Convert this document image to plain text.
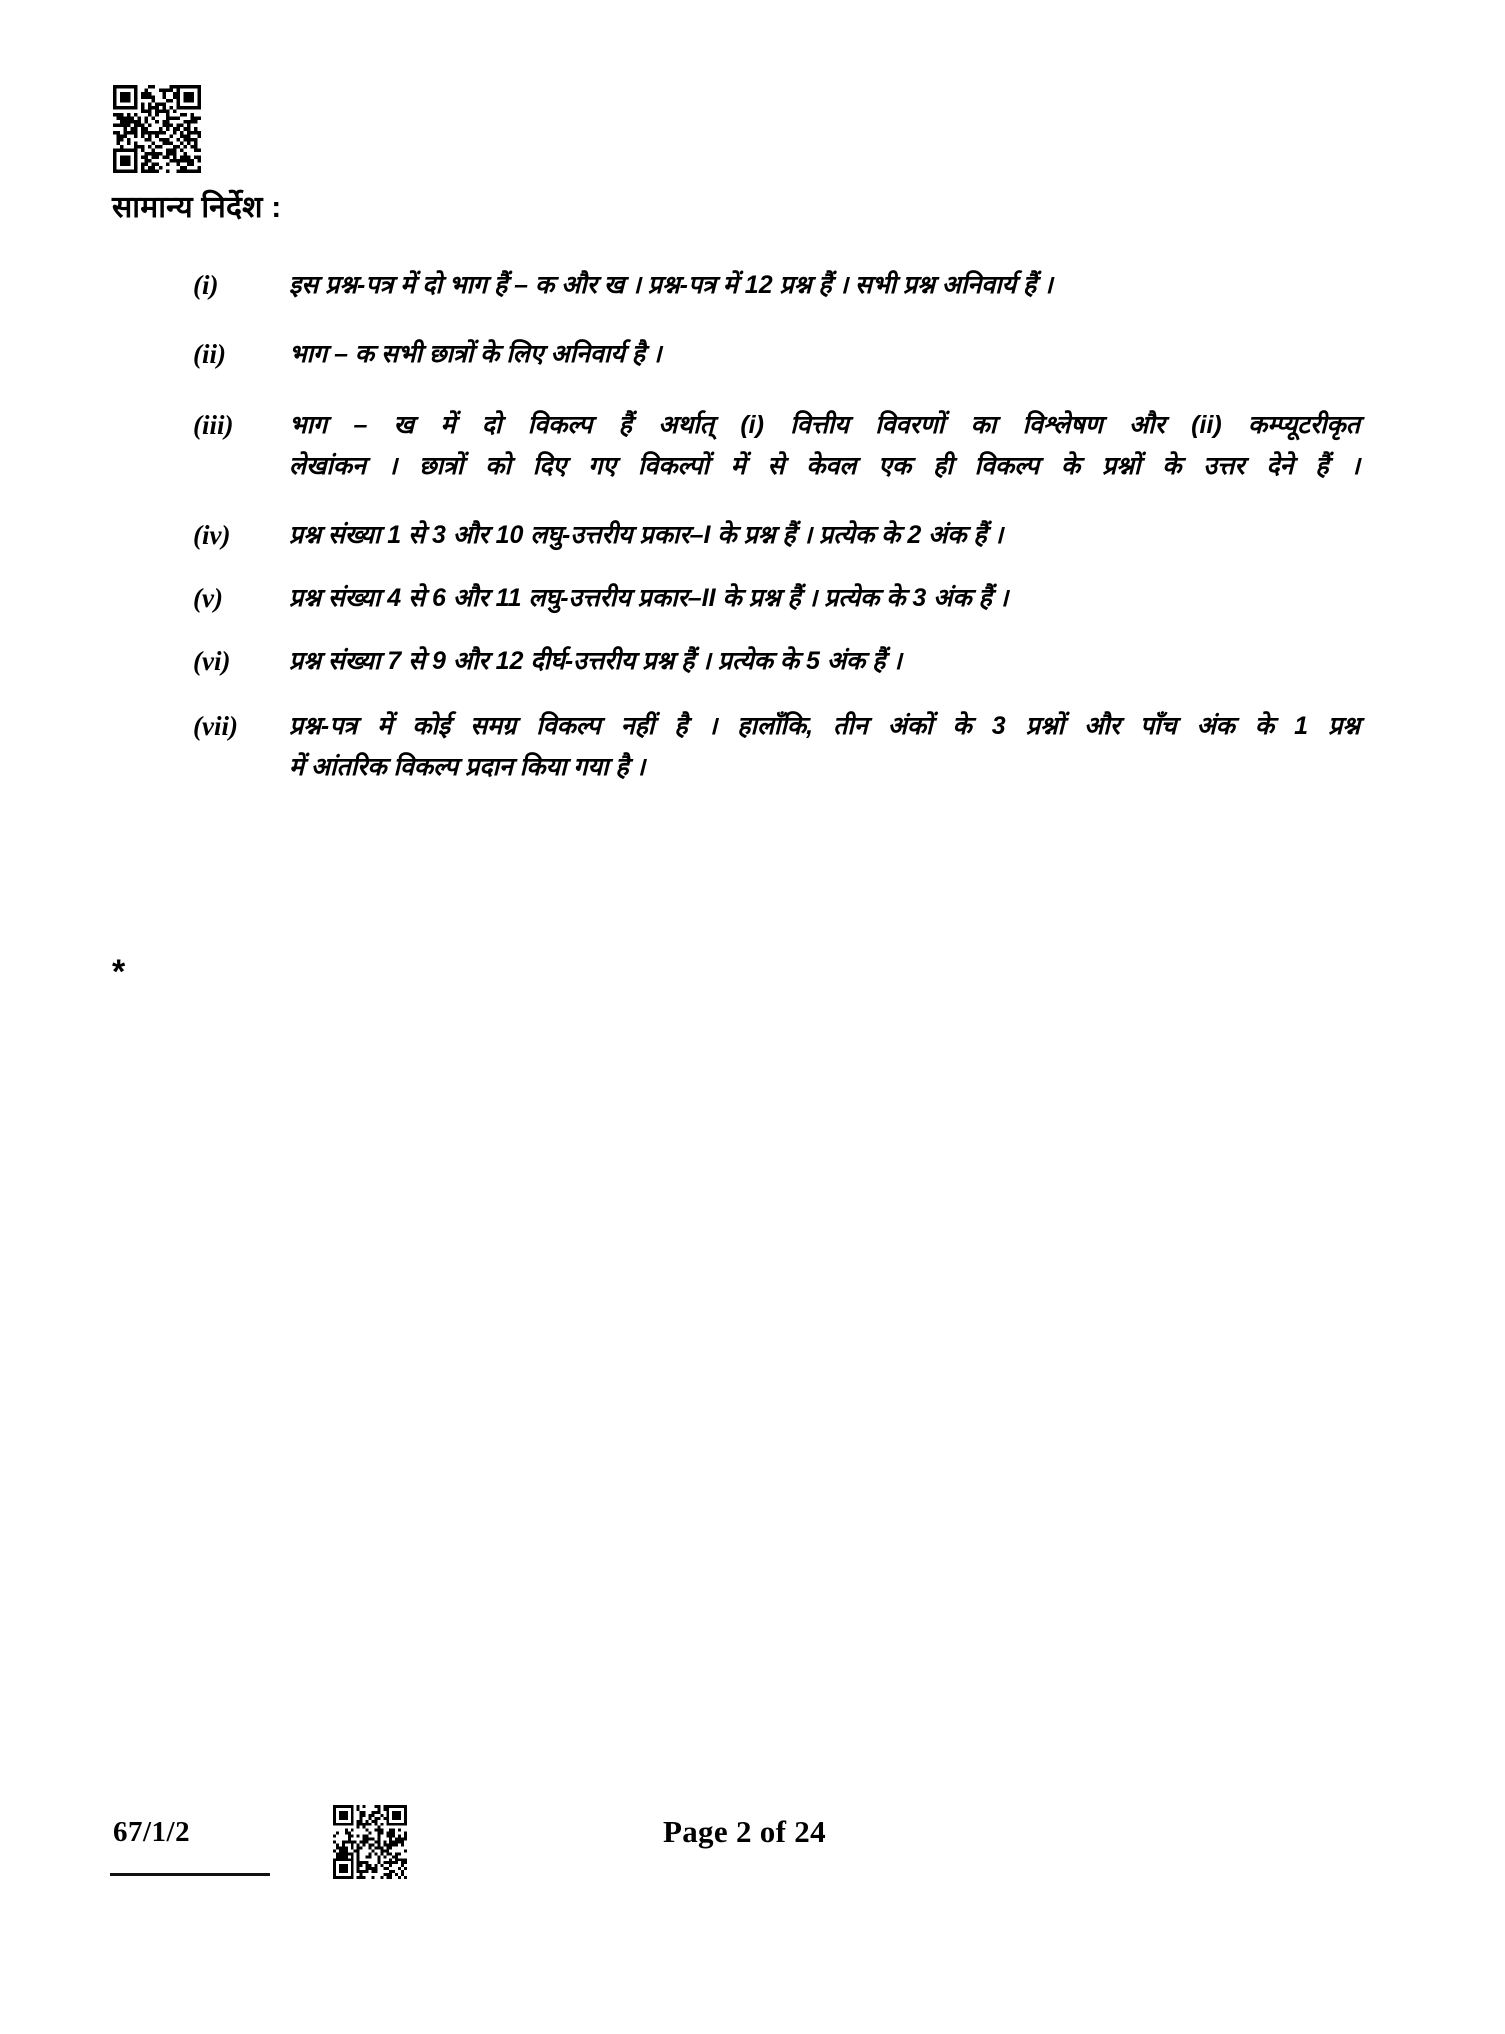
सामान्य निर्देश :
(i)	इस प्रश्न-पत्र में दो भाग हैं – क और ख । प्रश्न-पत्र में 12 प्रश्न हैं । सभी प्रश्न अनिवार्य हैं ।
(ii)	भाग – क सभी छात्रों के लिए अनिवार्य है ।
(iii)	भाग – ख में दो विकल्प हैं अर्थात् (i) वित्तीय विवरणों का विश्लेषण और (ii) कम्प्यूटरीकृत
लेखांकन । छात्रों को दिए गए विकल्पों में से केवल एक ही विकल्प के प्रश्नों के उत्तर देने हैं ।
(iv)	प्रश्न संख्या 1 से 3 और 10 लघु-उत्तरीय प्रकार–I के प्रश्न हैं । प्रत्येक के 2 अंक हैं ।
(v)	प्रश्न संख्या 4 से 6 और 11 लघु-उत्तरीय प्रकार–II के प्रश्न हैं । प्रत्येक के 3 अंक हैं ।
(vi)	प्रश्न संख्या 7 से 9 और 12 दीर्घ-उत्तरीय प्रश्न हैं । प्रत्येक के 5 अंक हैं ।
(vii)	प्रश्न-पत्र में कोई समग्र विकल्प नहीं है । हालाँकि, तीन अंकों के 3 प्रश्नों और पाँच अंक के 1 प्रश्न
में आंतरिक विकल्प प्रदान किया गया है ।
*
67/1/2	Page 2 of 24
